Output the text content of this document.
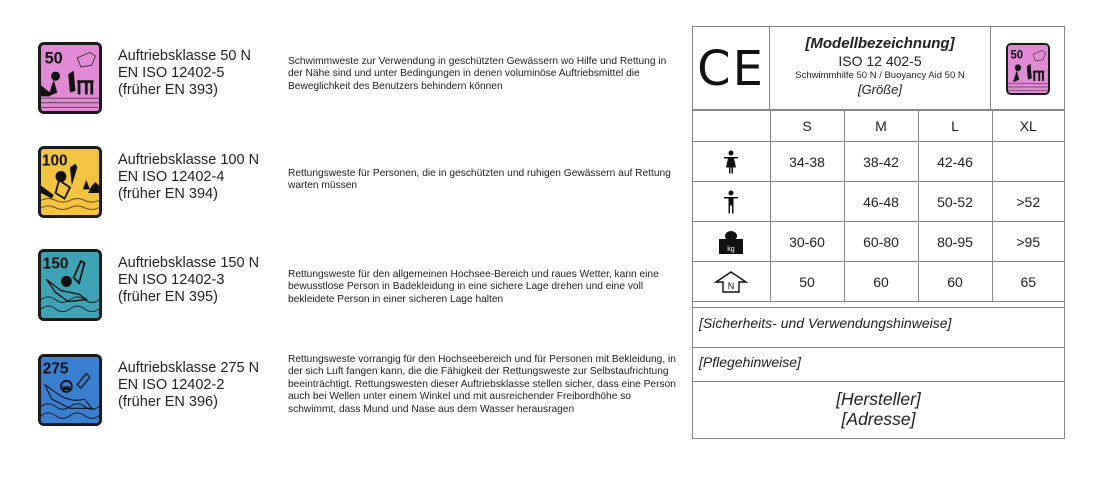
50	Auftriebsklasse 50 N
EN ISO 12402-5
(früher EN 393)
Schwimmweste zur Verwendung in geschützten Gewässern wo Hilfe und Rettung in der Nähe sind und unter Bedingungen in denen voluminöse Auftriebsmittel die Beweglichkeit des Benutzers behindern können
100	Auftriebsklasse 100 N
EN ISO 12402-4
(früher EN 394)
Rettungsweste für Personen, die in geschützten und ruhigen Gewässern auf Rettung warten müssen
150	Auftriebsklasse 150 N
EN ISO 12402-3
(früher EN 395)
Rettungsweste für den allgemeinen Hochsee-Bereich und raues Wetter, kann eine bewusstlose Person in Badekleidung in eine sichere Lage drehen und eine voll bekleidete Person in einer sicheren Lage halten
275	Auftriebsklasse 275 N
EN ISO 12402-2
(früher EN 396)
Rettungsweste vorrangig für den Hochseebereich und für Personen mit Bekleidung, in der sich Luft fangen kann, die die Fähigkeit der Rettungsweste zur Selbstaufrichtung beeinträchtigt. Rettungswesten dieser Auftriebsklasse stellen sicher, dass eine Person auch bei Wellen unter einem Winkel und mit ausreichender Freibordhöhe so schwimmt, dass Mund und Nase aus dem Wasser herausragen
CE	[Modellbezeichnung]
ISO 12 402-5
Schwimmhilfe 50 N / Buoyancy Aid 50 N
[Größe]
50
	S	M	L	XL

	34-38	38-42	42-46	

		46-48	50-52	>52

kg	30-60	60-80	80-95	>95

N	50	60	60	65
[Sicherheits- und Verwendungshinweise]
[Pflegehinweise]
[Hersteller]
[Adresse]
